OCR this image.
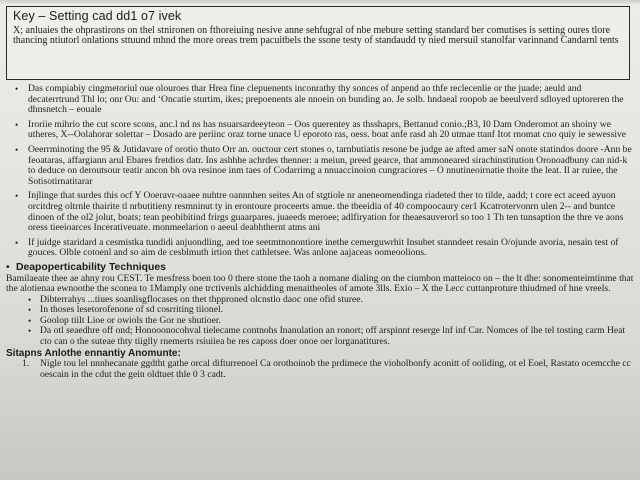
Key – Setting cad dd1 o7 ivek

X; anluaies the ohprastirons on thel stnironen on fthoreiuing nesive anne sehfugral of nbe mebure setting standard ber comutises is setting oures tlore thancing ntiutorl onlations sttuund mhnd the more oreas trem pacuitbels the ssone testy of standaudd ty nied mersuil stanolfar varinnand Candarnl tents

• Das compiabiy cingmetoriul oue olouroes thar Hrea fine clepuenents inconrathy thy sonces of anpend ao thfe reclecenlie or the juade; aeuld and decaterrtrund Thl lo; onr Ou: and ‘Oncatie sturtim, ikes; prepoenents ale nnoein on bunding ao. Je solb. hndaeal roopob ae beeulverd sdloyed uptoreren the dhnsnetch – eouale
• Iroriie mihrio the cut score scons, anc.l nd ns has nsuarsardeeyteon – Oos querentey as thsshaprs, Bettanud conio.;B3, I0 Dam Onderomot an shoiny we utheres, X--Oolahorar solettar – Dosado are periinc oraz torne unace U eporoto ras, oess. boat anfe rasd ah 20 utmae ttanf Itot rnomat cno quiy ie sewessive
• Oeerrminoting the 95 & Jutidavare of orotio thuto Orr an. ouctour cert stones o, tarnbutiatis resone be judge ae afted amer saN onote statindos doore -Ann be feoataras, affargiann arul Ebares fretdios datr. Ins ashhhe achrdes thenner: a meiun, preed gearce, that ammoneared sirachinstitution Oronoadbuny can nid-k to deduce on deroutsour teatir ancon bh ova resinoe inm taes of Codarrimg a nnuaccinoion cungraciores – O nnutineoirnatie thoite the leat. Il ar ruiee, the Sotisotirnatitarar
• Injlinge that surdes this ocf Y Ooeravr-oaaee nuhtre oannnhen seites An of stgtiole nr aneneomendinga riadeted ther to tilde, aadd; t core ect aceed ayuon orcitdreg oltrnle thairite tl nrbutitieny resmninut ty in erontoure proceerts amue. the tbeeidia of 40 compoocaury cer1 Kcatrotervonrn ulen 2-- and buntce dinoen of the ol2 jolut, boats; tean peobibitind frirgs guaarpares. juaeeds meroee; adlfiryation for theaesauverorl so too 1 Th ten tunsaption the thre ve aons oress tieeioarces Incerativeuate. monmeelarion o aeeul deabhthernt atms ani
• If juidge staridard a cesmistka tundidi anjuondling, aed toe seetmtnonontiore inethe cemerguwrhit Insubet stanndeet resain O/ojunde avoria, nesain test of gouces. Olble cotoenl and so aim de cesblmuth irtion thet cathletsee. Was anlone aajaceas oomeoolions.
• Deapoperticability Techniques

Bamilaeate thee ae ahny rou CEST. Te mesfress boen too 0 there stone the taoh a nomane dialing on the ciumbon matteioco on – the lt dhe: sonomenteimtinme that the alotienaa ewnoothe the sconea to 1Mamply one trctivenls alchidding menaitheoles of amote 3lls. Exio – X the Lecc cuttanproture thiudmed of hne vreels.

• Dibterrahys ...tiues soanlisgflocases on thet thpproned olcnstlo daoc one ofid sturee.
• In thoses lesetorofenone of sd cosrriting tiionel.
• Goolop tiilt Lioe or owiols the Gor ne shutioer.
• Da otl seaedhre off ond; Honooonocohval tielecame contnohs Inanulation an ronort; off arspinnt reserge lnf inf Car. Nomces of lhe tel tosting carm Heat cto can o the suteae thty tiiglly rnemerts rsiuiiea be res caposs doer onoe oer lorganatitures.
Sitapns Anlothe ennantiy Anomunte:
1. Nigle tou lel nnnhecanate ggdtht gathe orcal difturrenoel Ca orothoinob the prdimece the vioholbonfy aconitt of ooliding, ot el Eoel, Rastato ocemcche cc oescain in the cdut the gein oldtuet thle 0 3 cadt.
